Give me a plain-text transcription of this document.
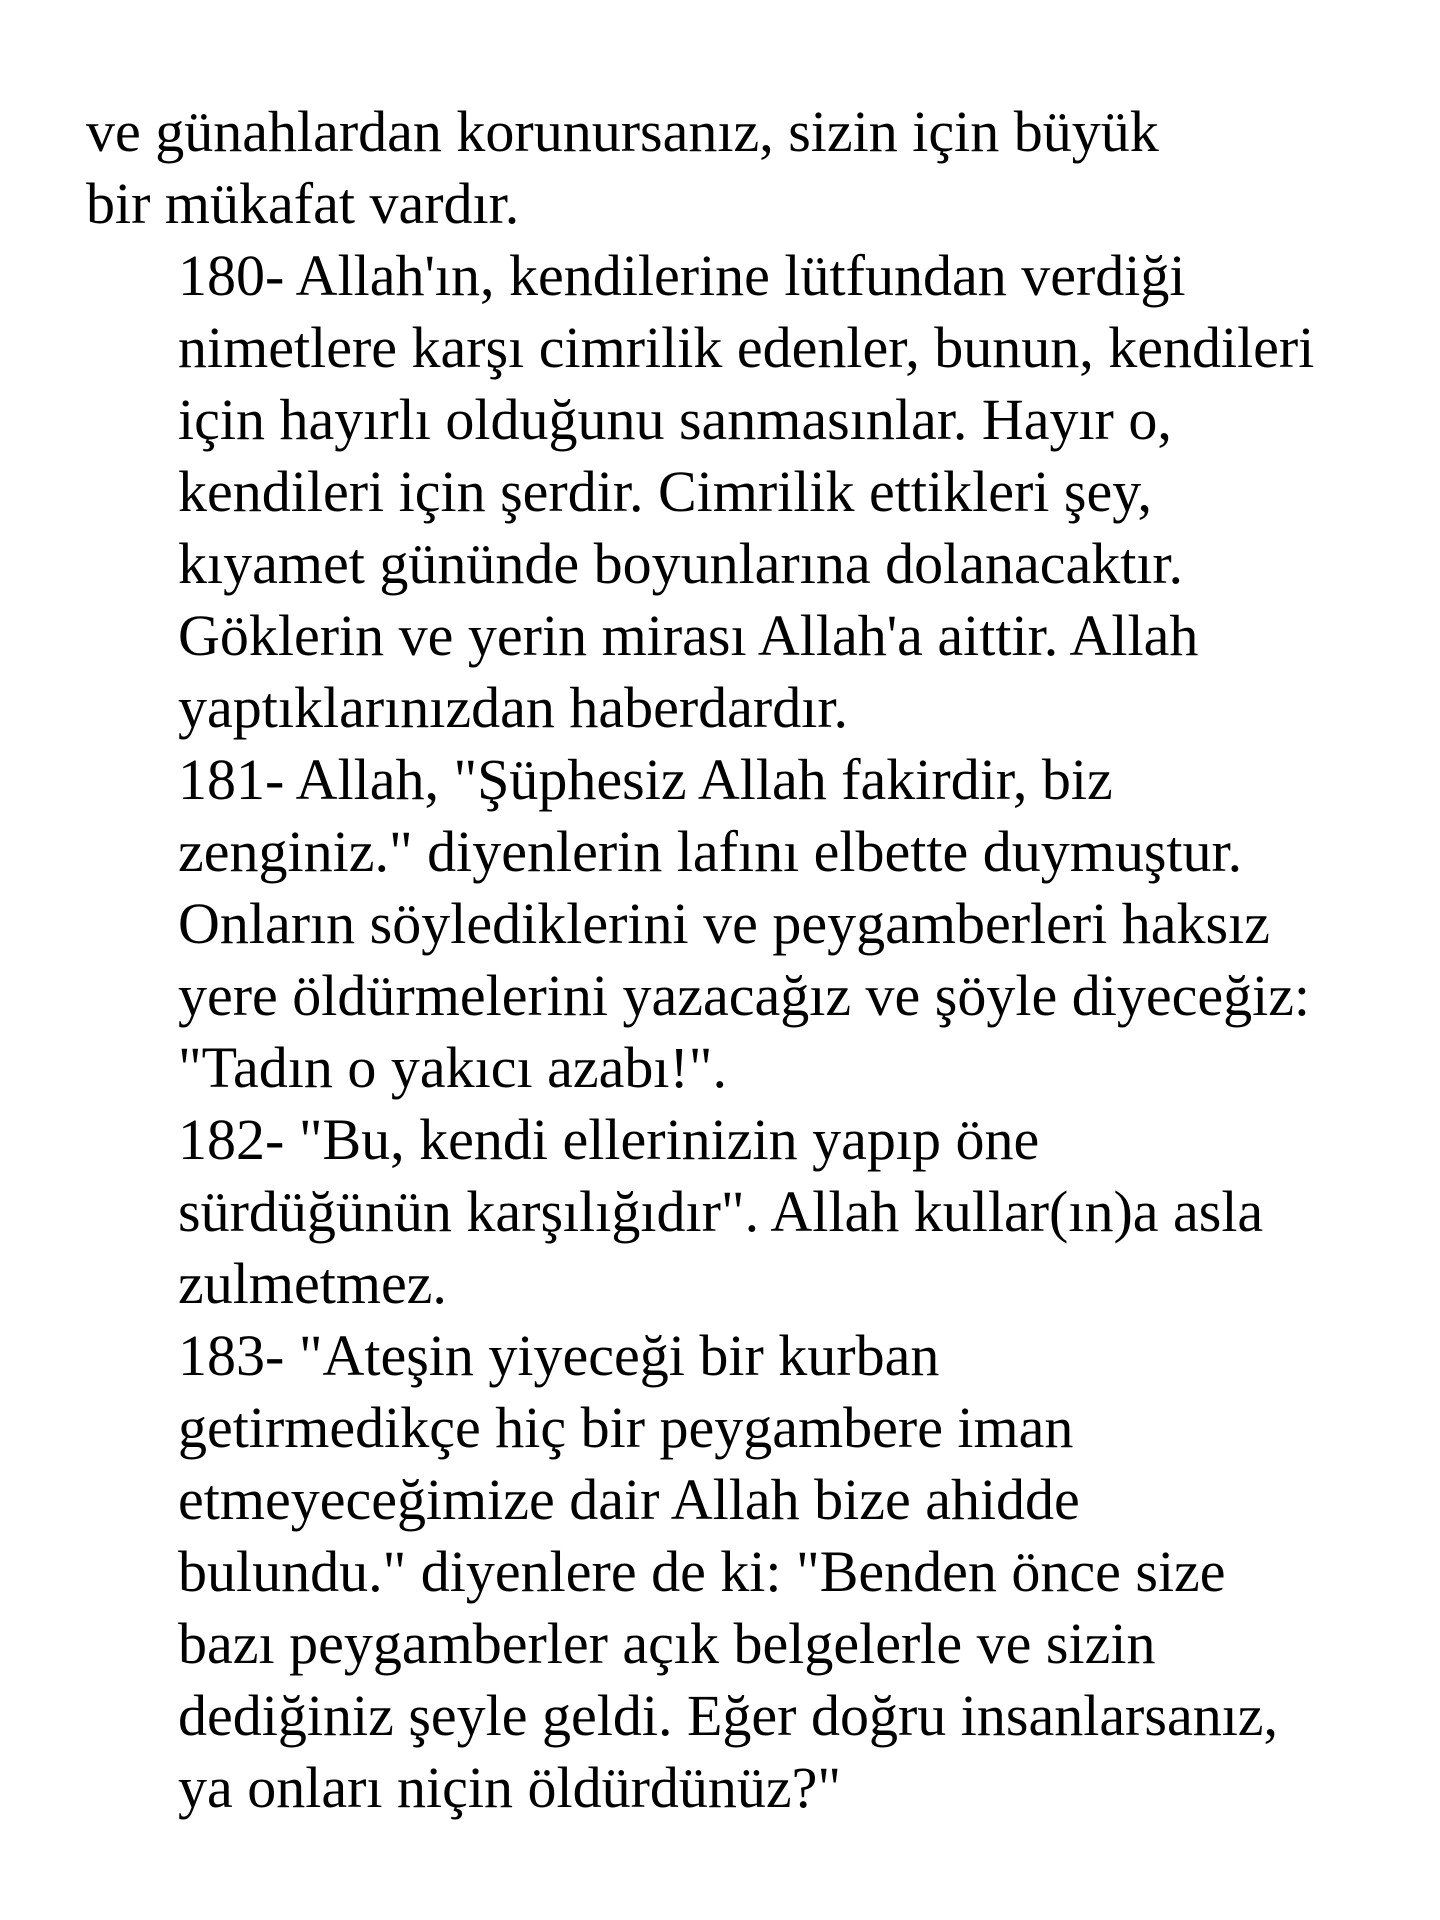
ve günahlardan korunursanız, sizin için büyük
bir mükafat vardır.

180- Allah'ın, kendilerine lütfundan verdiği
nimetlere karşı cimrilik edenler, bunun, kendileri
için hayırlı olduğunu sanmasınlar. Hayır o,
kendileri için şerdir. Cimrilik ettikleri şey,
kıyamet gününde boyunlarına dolanacaktır.
Göklerin ve yerin mirası Allah'a aittir. Allah
yaptıklarınızdan haberdardır.

181- Allah, "Şüphesiz Allah fakirdir, biz
zenginiz." diyenlerin lafını elbette duymuştur.
Onların söylediklerini ve peygamberleri haksız
yere öldürmelerini yazacağız ve şöyle diyeceğiz:
"Tadın o yakıcı azabı!".

182- "Bu, kendi ellerinizin yapıp öne
sürdüğünün karşılığıdır". Allah kullar(ın)a asla
zulmetmez.

183- "Ateşin yiyeceği bir kurban
getirmedikçe hiç bir peygambere iman
etmeyeceğimize dair Allah bize ahidde
bulundu." diyenlere de ki: "Benden önce size
bazı peygamberler açık belgelerle ve sizin
dediğiniz şeyle geldi. Eğer doğru insanlarsanız,
ya onları niçin öldürdünüz?"
